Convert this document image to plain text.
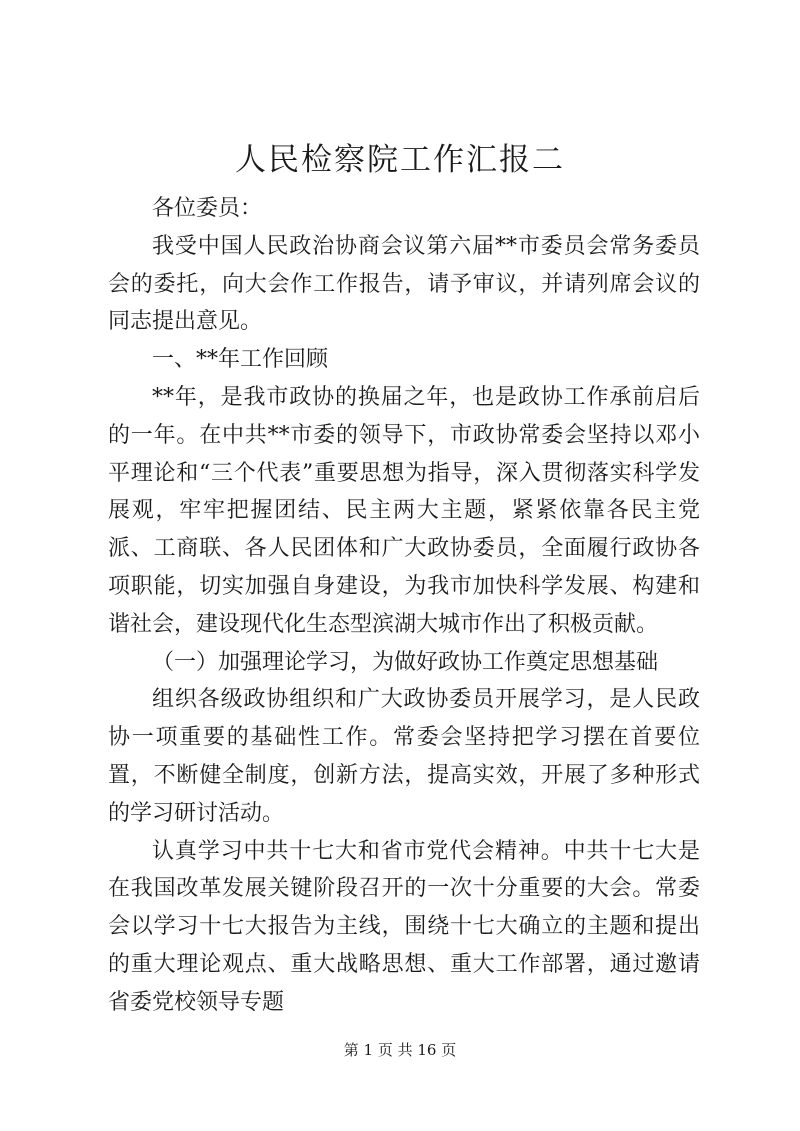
人民检察院工作汇报二

各位委员：

我受中国人民政治协商会议第六届**市委员会常务委员会的委托，向大会作工作报告，请予审议，并请列席会议的同志提出意见。

一、**年工作回顾

**年，是我市政协的换届之年，也是政协工作承前启后的一年。在中共**市委的领导下，市政协常委会坚持以邓小平理论和“三个代表”重要思想为指导，深入贯彻落实科学发展观，牢牢把握团结、民主两大主题，紧紧依靠各民主党派、工商联、各人民团体和广大政协委员，全面履行政协各项职能，切实加强自身建设，为我市加快科学发展、构建和谐社会，建设现代化生态型滨湖大城市作出了积极贡献。

（一）加强理论学习，为做好政协工作奠定思想基础

组织各级政协组织和广大政协委员开展学习，是人民政协一项重要的基础性工作。常委会坚持把学习摆在首要位置，不断健全制度，创新方法，提高实效，开展了多种形式的学习研讨活动。

认真学习中共十七大和省市党代会精神。中共十七大是在我国改革发展关键阶段召开的一次十分重要的大会。常委会以学习十七大报告为主线，围绕十七大确立的主题和提出的重大理论观点、重大战略思想、重大工作部署，通过邀请省委党校领导专题

第 1 页 共 16 页
